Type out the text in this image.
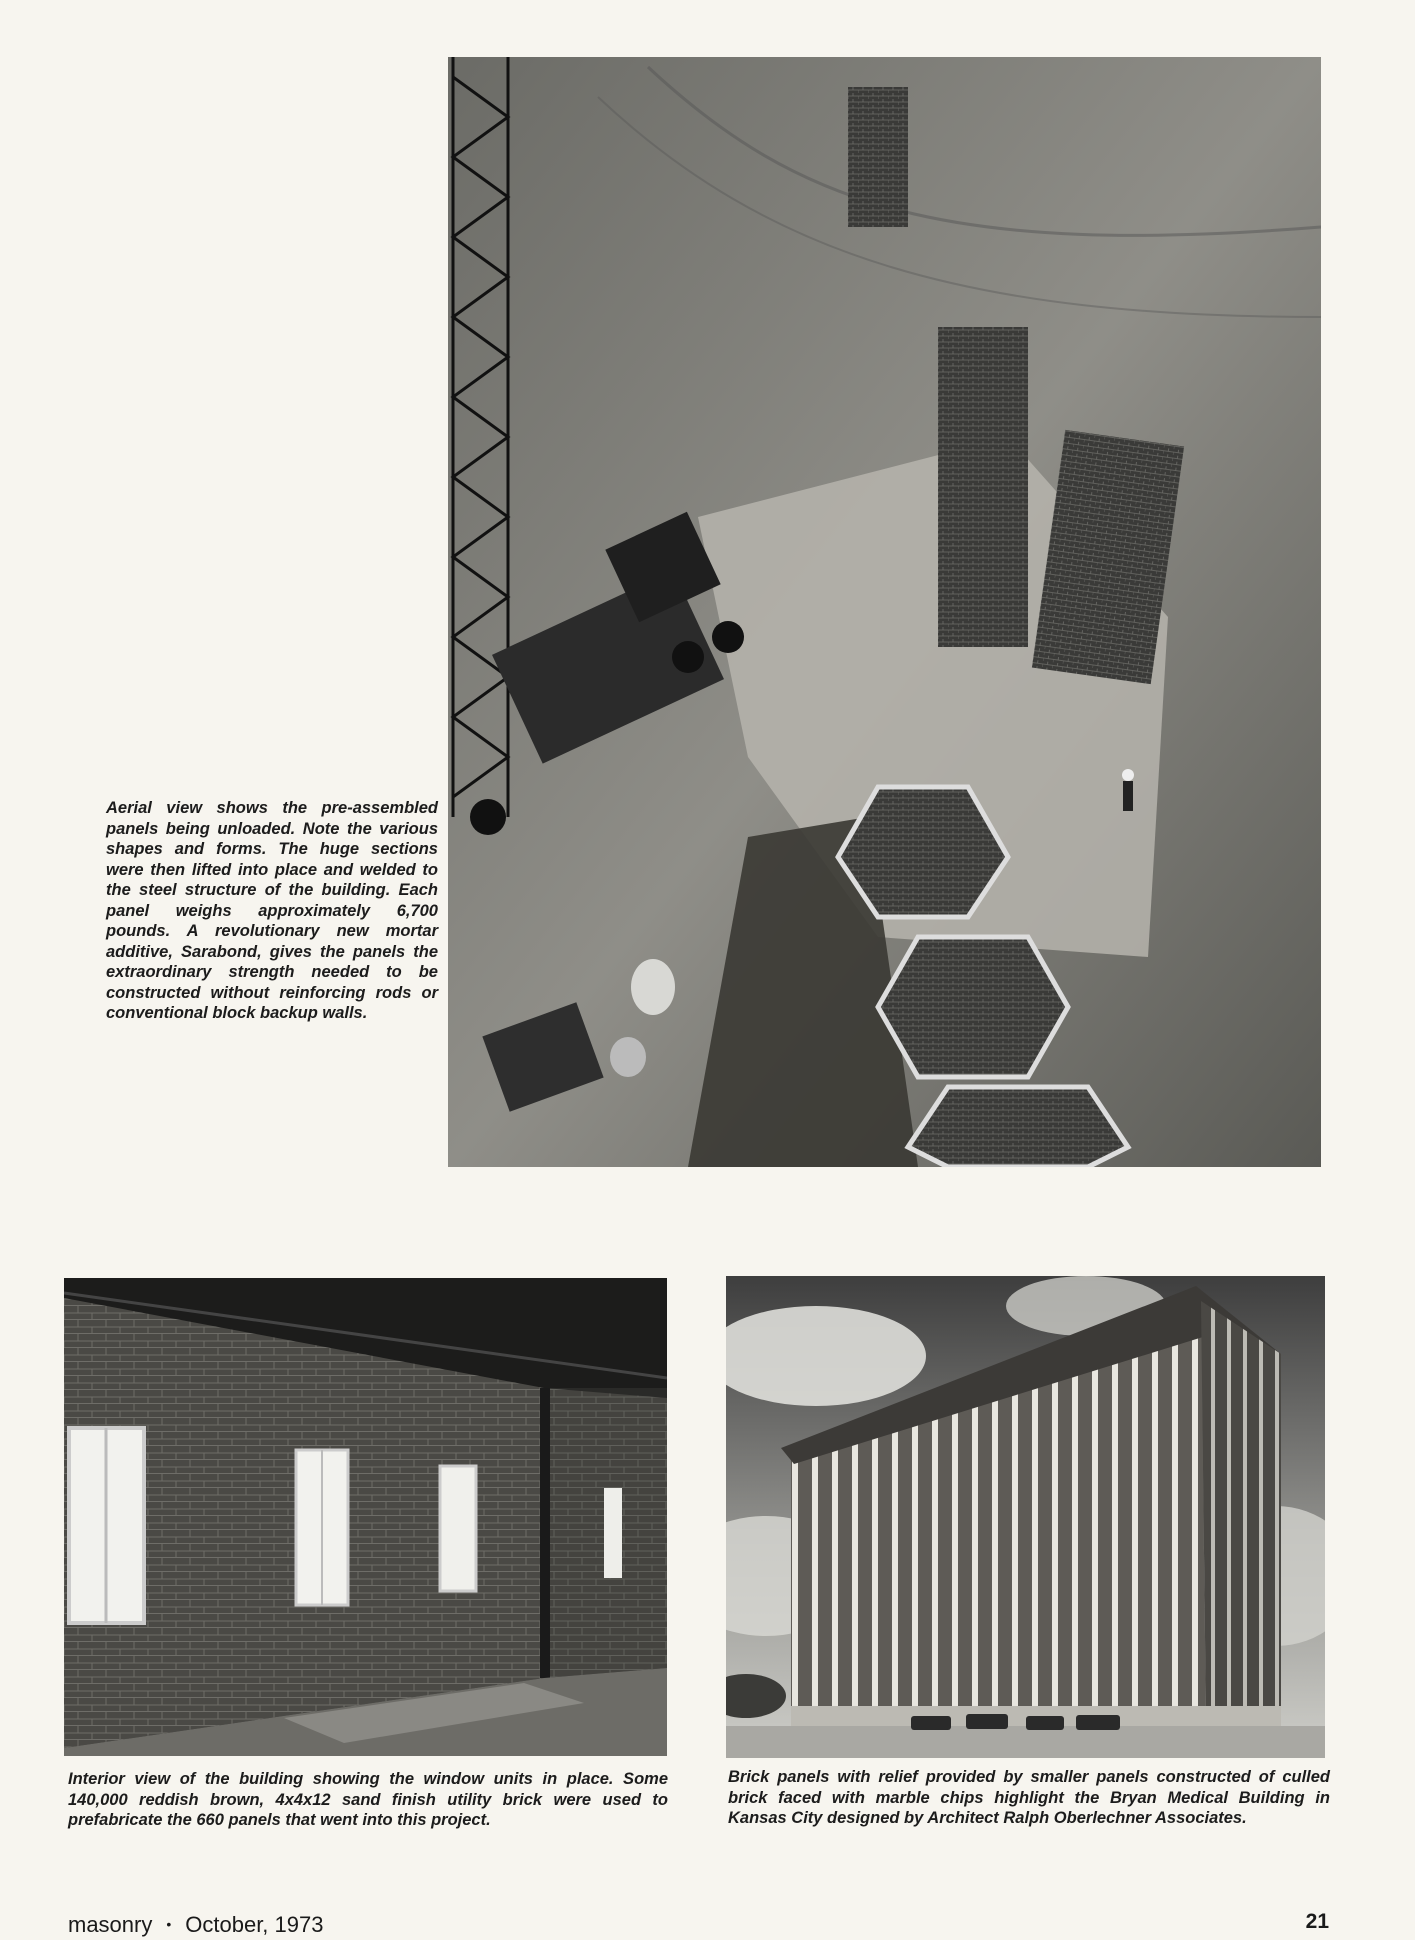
Aerial view shows the pre-assembled panels being unloaded. Note the various shapes and forms. The huge sections were then lifted into place and welded to the steel structure of the building. Each panel weighs approximately 6,700 pounds. A revolutionary new mortar additive, Sarabond, gives the panels the extraordinary strength needed to be constructed without reinforcing rods or conventional block backup walls.
Interior view of the building showing the window units in place. Some 140,000 reddish brown, 4x4x12 sand finish utility brick were used to prefabricate the 660 panels that went into this project.
Brick panels with relief provided by smaller panels constructed of culled brick faced with marble chips highlight the Bryan Medical Building in Kansas City designed by Architect Ralph Oberlechner Associates.
masonry • October, 1973	21
